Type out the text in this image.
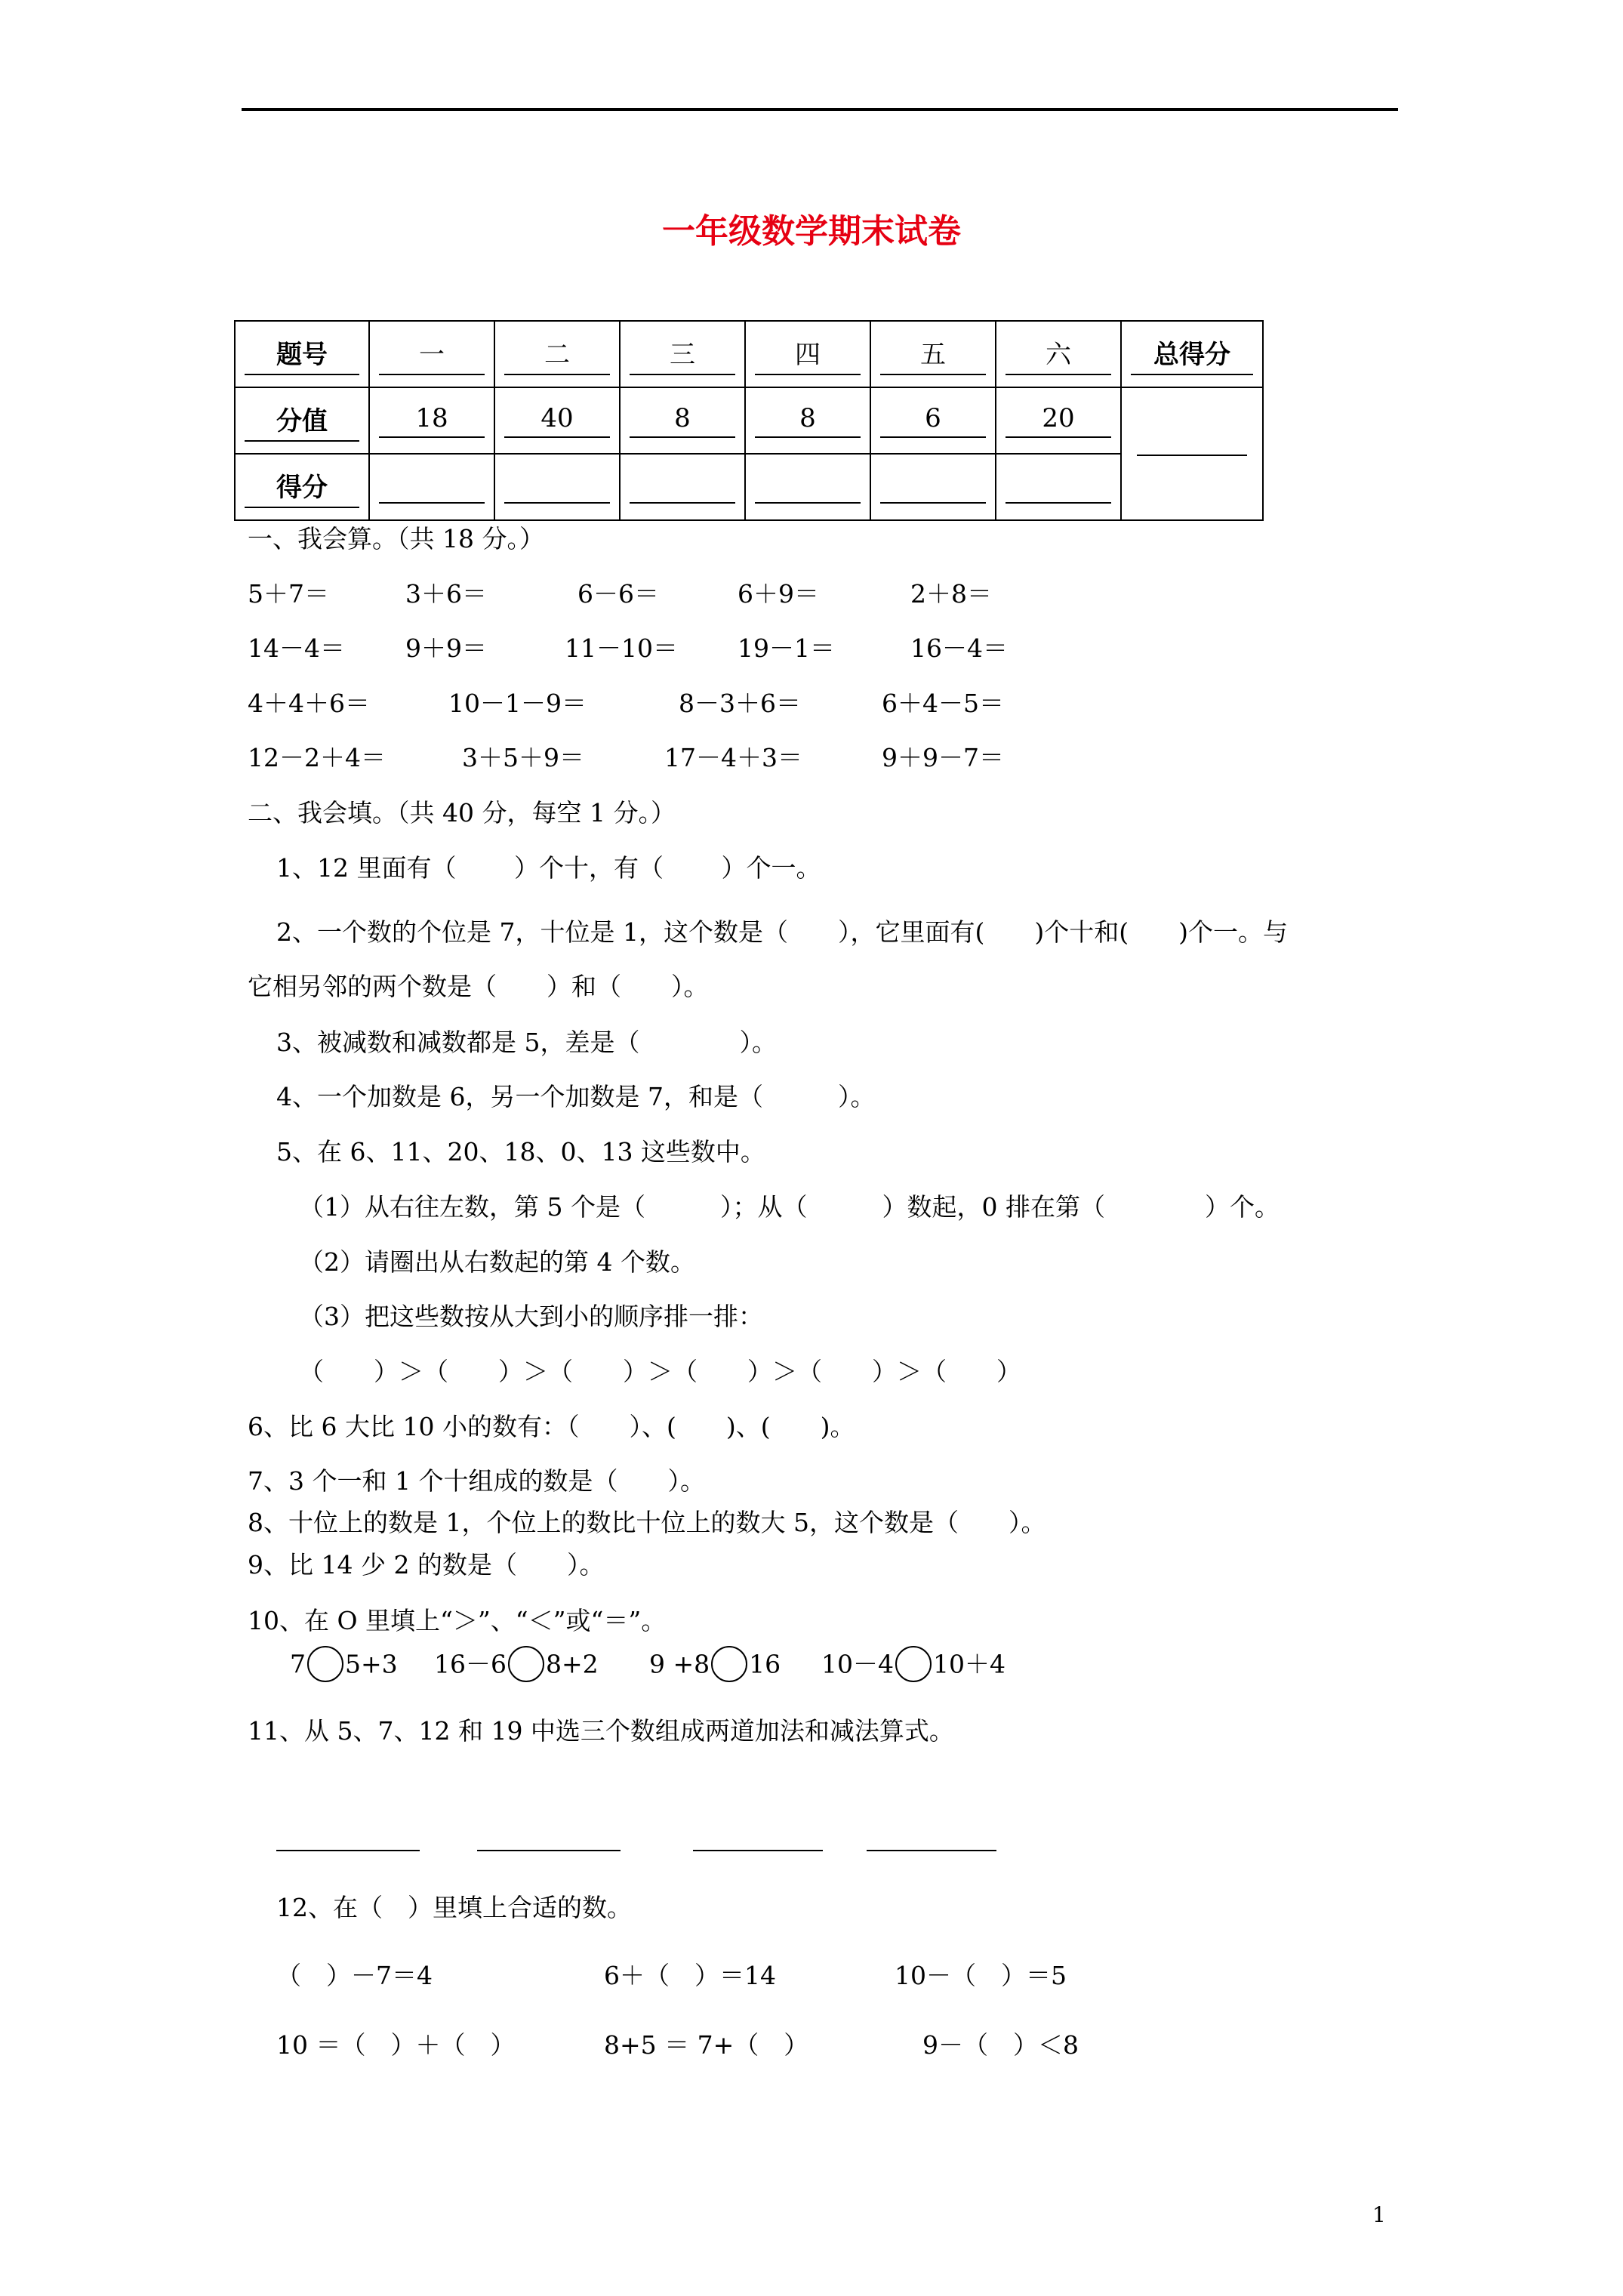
一年级数学期末试卷
题号	一	二	三	四	五	六	总得分

分值	18	40	8	8	6	20	

得分							

一、我会算。（共 18 分。）
5＋7＝	3＋6＝	6－6＝	6＋9＝	2＋8＝
14－4＝ 9＋9＝	11－10＝ 19－1＝	16－4＝
4＋4＋6＝	10－1－9＝	8－3＋6＝	6＋4－5＝
12－2＋4＝	3＋5＋9＝	17－4＋3＝	9＋9－7＝
二、我会填。（共 40 分，每空 1 分。）
1、12 里面有（　　 ）个十，有（　　 ）个一。
2、一个数的个位是 7，十位是 1，这个数是（　　），它里面有(　　)个十和(　　)个一。与
它相另邻的两个数是（　　）和（　　）。
3、被减数和减数都是 5，差是（　　　　）。
4、一个加数是 6，另一个加数是 7，和是（　　　）。
5、在 6、11、20、18、0、13 这些数中。
（1）从右往左数，第 5 个是（　　　）；从（　　　）数起，0 排在第（　　　　）个。
（2）请圈出从右数起的第 4 个数。
（3）把这些数按从大到小的顺序排一排：
（　　）＞（　　）＞（　　）＞（　　）＞（　　）＞（　　）
6、比 6 大比 10 小的数有：（　　）、(　　)、(　　)。
7、3 个一和 1 个十组成的数是（　　）。
8、十位上的数是 1，个位上的数比十位上的数大 5，这个数是（　　）。
9、比 14 少 2 的数是（　　）。
10、在 O 里填上“＞”、“＜”或“＝”。
7 5+3 16－6 8+2 9 +8 16 10－4 10＋4
11、从 5、7、12 和 19 中选三个数组成两道加法和减法算式。
12、在（　）里填上合适的数。
（　）－7＝4	6＋（　）＝14	10－（　）＝5
10 ＝（　）＋（　）	8+5 ＝ 7+（　）	9－（　）＜8
1
